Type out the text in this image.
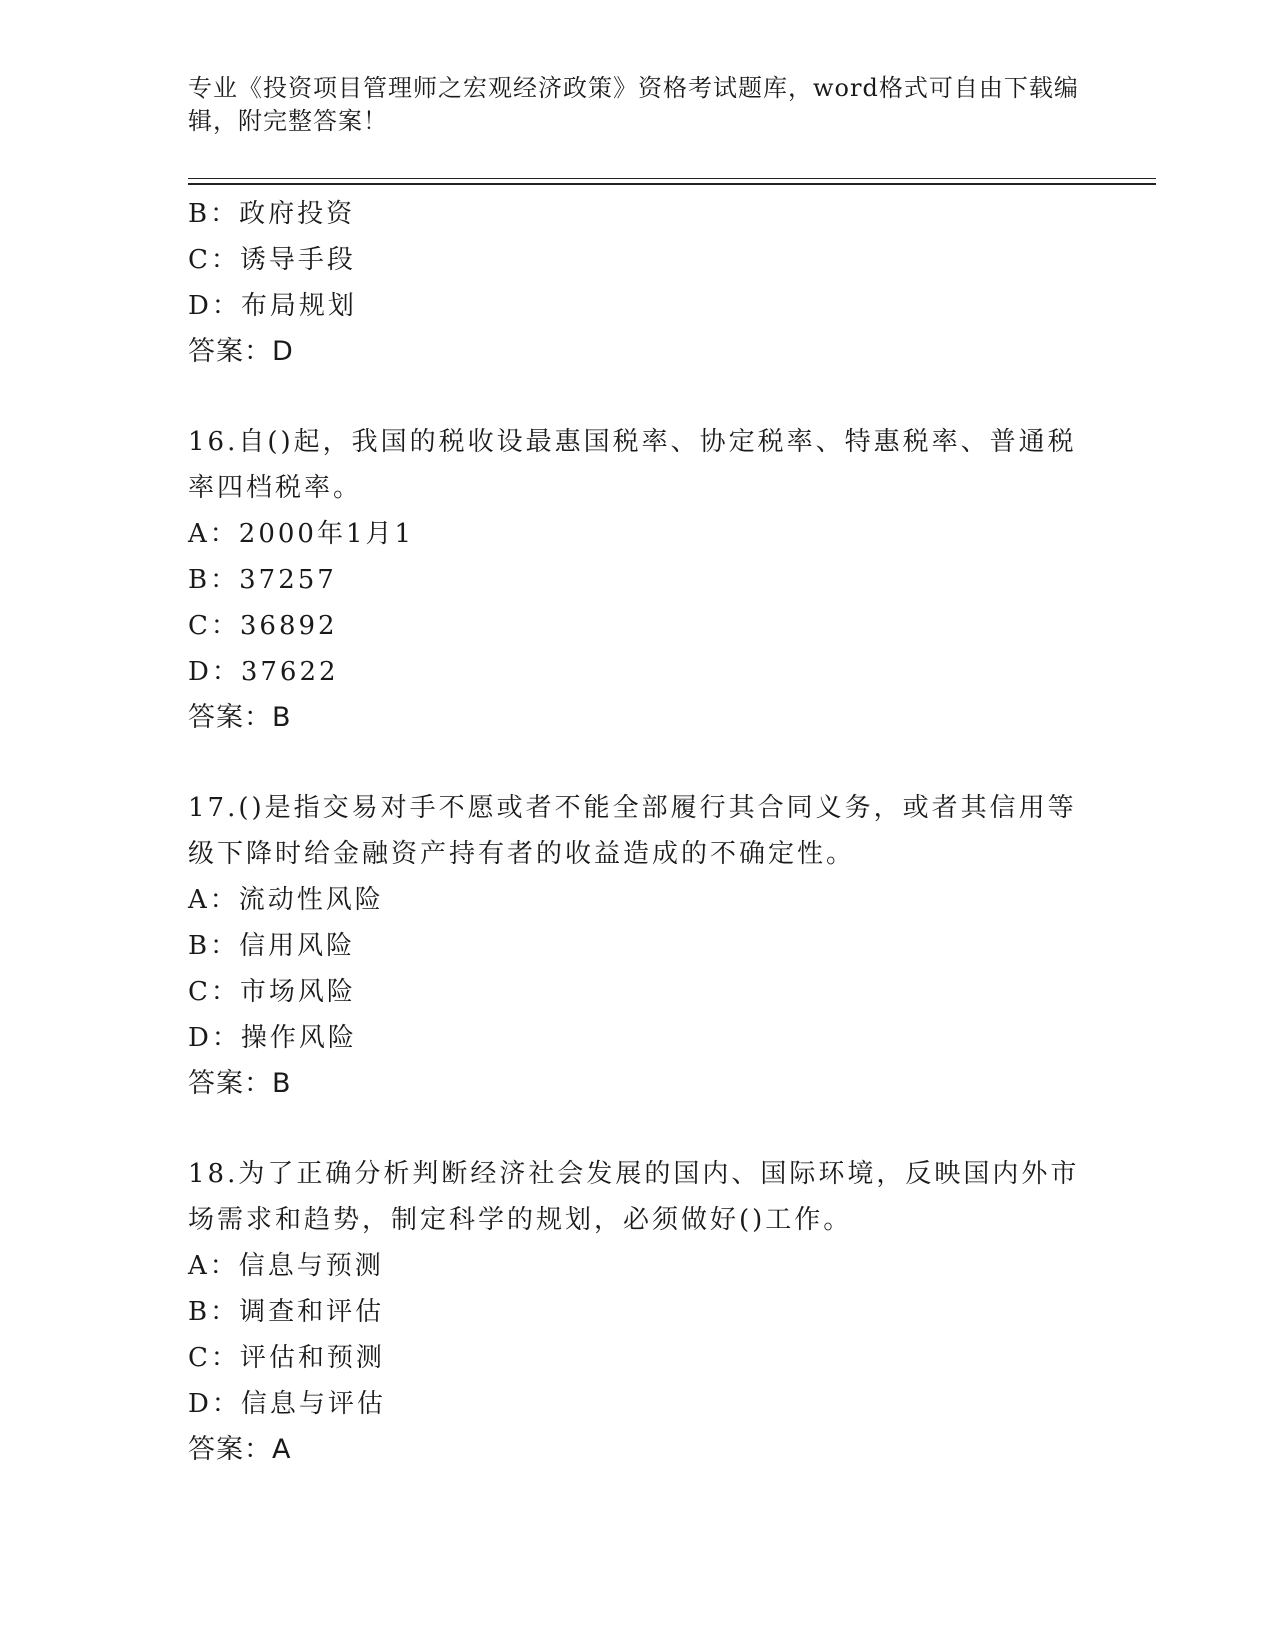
专业《投资项目管理师之宏观经济政策》资格考试题库，word格式可自由下载编
辑，附完整答案！
B：政府投资
C：诱导手段
D：布局规划
答案：D
16.自()起，我国的税收设最惠国税率、协定税率、特惠税率、普通税
率四档税率。
A：2000年1月1
B：37257
C：36892
D：37622
答案：B
17.()是指交易对手不愿或者不能全部履行其合同义务，或者其信用等
级下降时给金融资产持有者的收益造成的不确定性。
A：流动性风险
B：信用风险
C：市场风险
D：操作风险
答案：B
18.为了正确分析判断经济社会发展的国内、国际环境，反映国内外市
场需求和趋势，制定科学的规划，必须做好()工作。
A：信息与预测
B：调查和评估
C：评估和预测
D：信息与评估
答案：A
